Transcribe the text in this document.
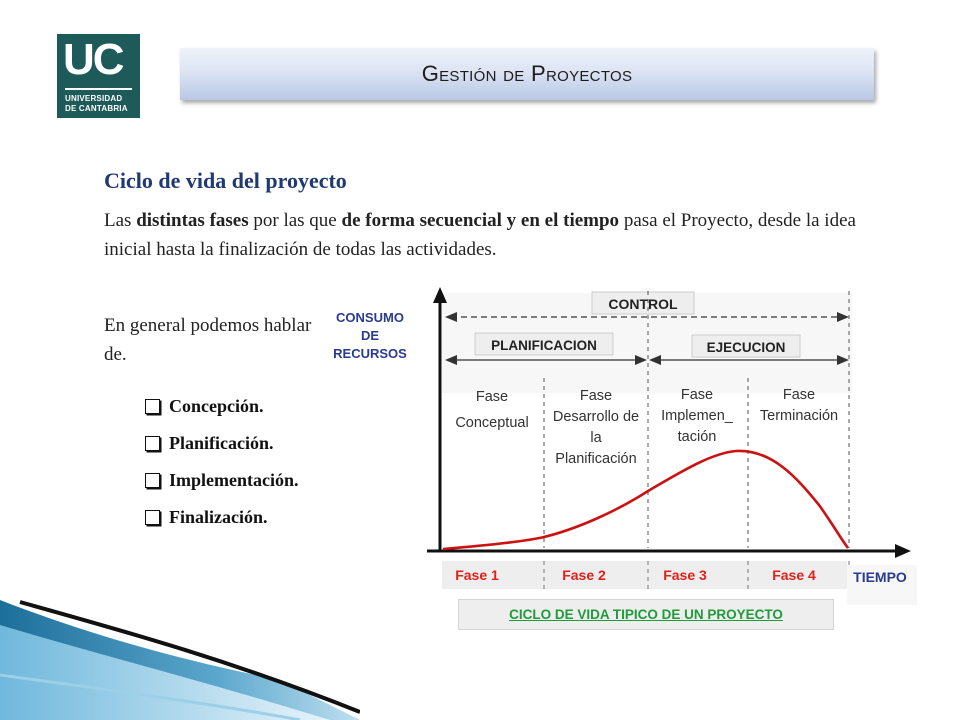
UC
UNIVERSIDAD
DE CANTABRIA
Gestión de Proyectos
Ciclo de vida del proyecto
Las distintas fases por las que de forma secuencial y en el tiempo pasa el Proyecto, desde la idea inicial hasta la finalización de todas las actividades.
En general podemos hablar de.
Concepción.
Planificación.
Implementación.
Finalización.
CONSUMO
DE
RECURSOS
CONTROL
PLANIFICACION	EJECUCION
Fase
Conceptual
Fase
Desarrollo de
la
Planificación
Fase
Implemen_
tación
Fase
Terminación
Fase 1	Fase 2	Fase 3	Fase 4	TIEMPO
CICLO DE VIDA TIPICO DE UN PROYECTO
